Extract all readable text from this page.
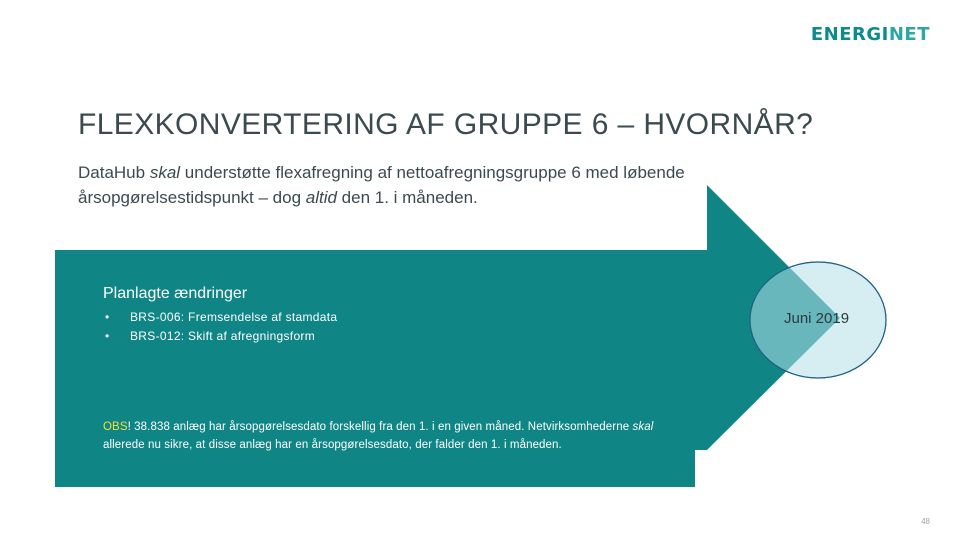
ENERGINET
FLEXKONVERTERING AF GRUPPE 6 – HVORNÅR?
DataHub skal understøtte flexafregning af nettoafregningsgruppe 6 med løbende årsopgørelsestidspunkt – dog altid den 1. i måneden.
Planlagte ændringer
• BRS-006: Fremsendelse af stamdata
• BRS-012: Skift af afregningsform
Juni 2019
OBS! 38.838 anlæg har årsopgørelsesdato forskellig fra den 1. i en given måned. Netvirksomhederne skal allerede nu sikre, at disse anlæg har en årsopgørelsesdato, der falder den 1. i måneden.
48
